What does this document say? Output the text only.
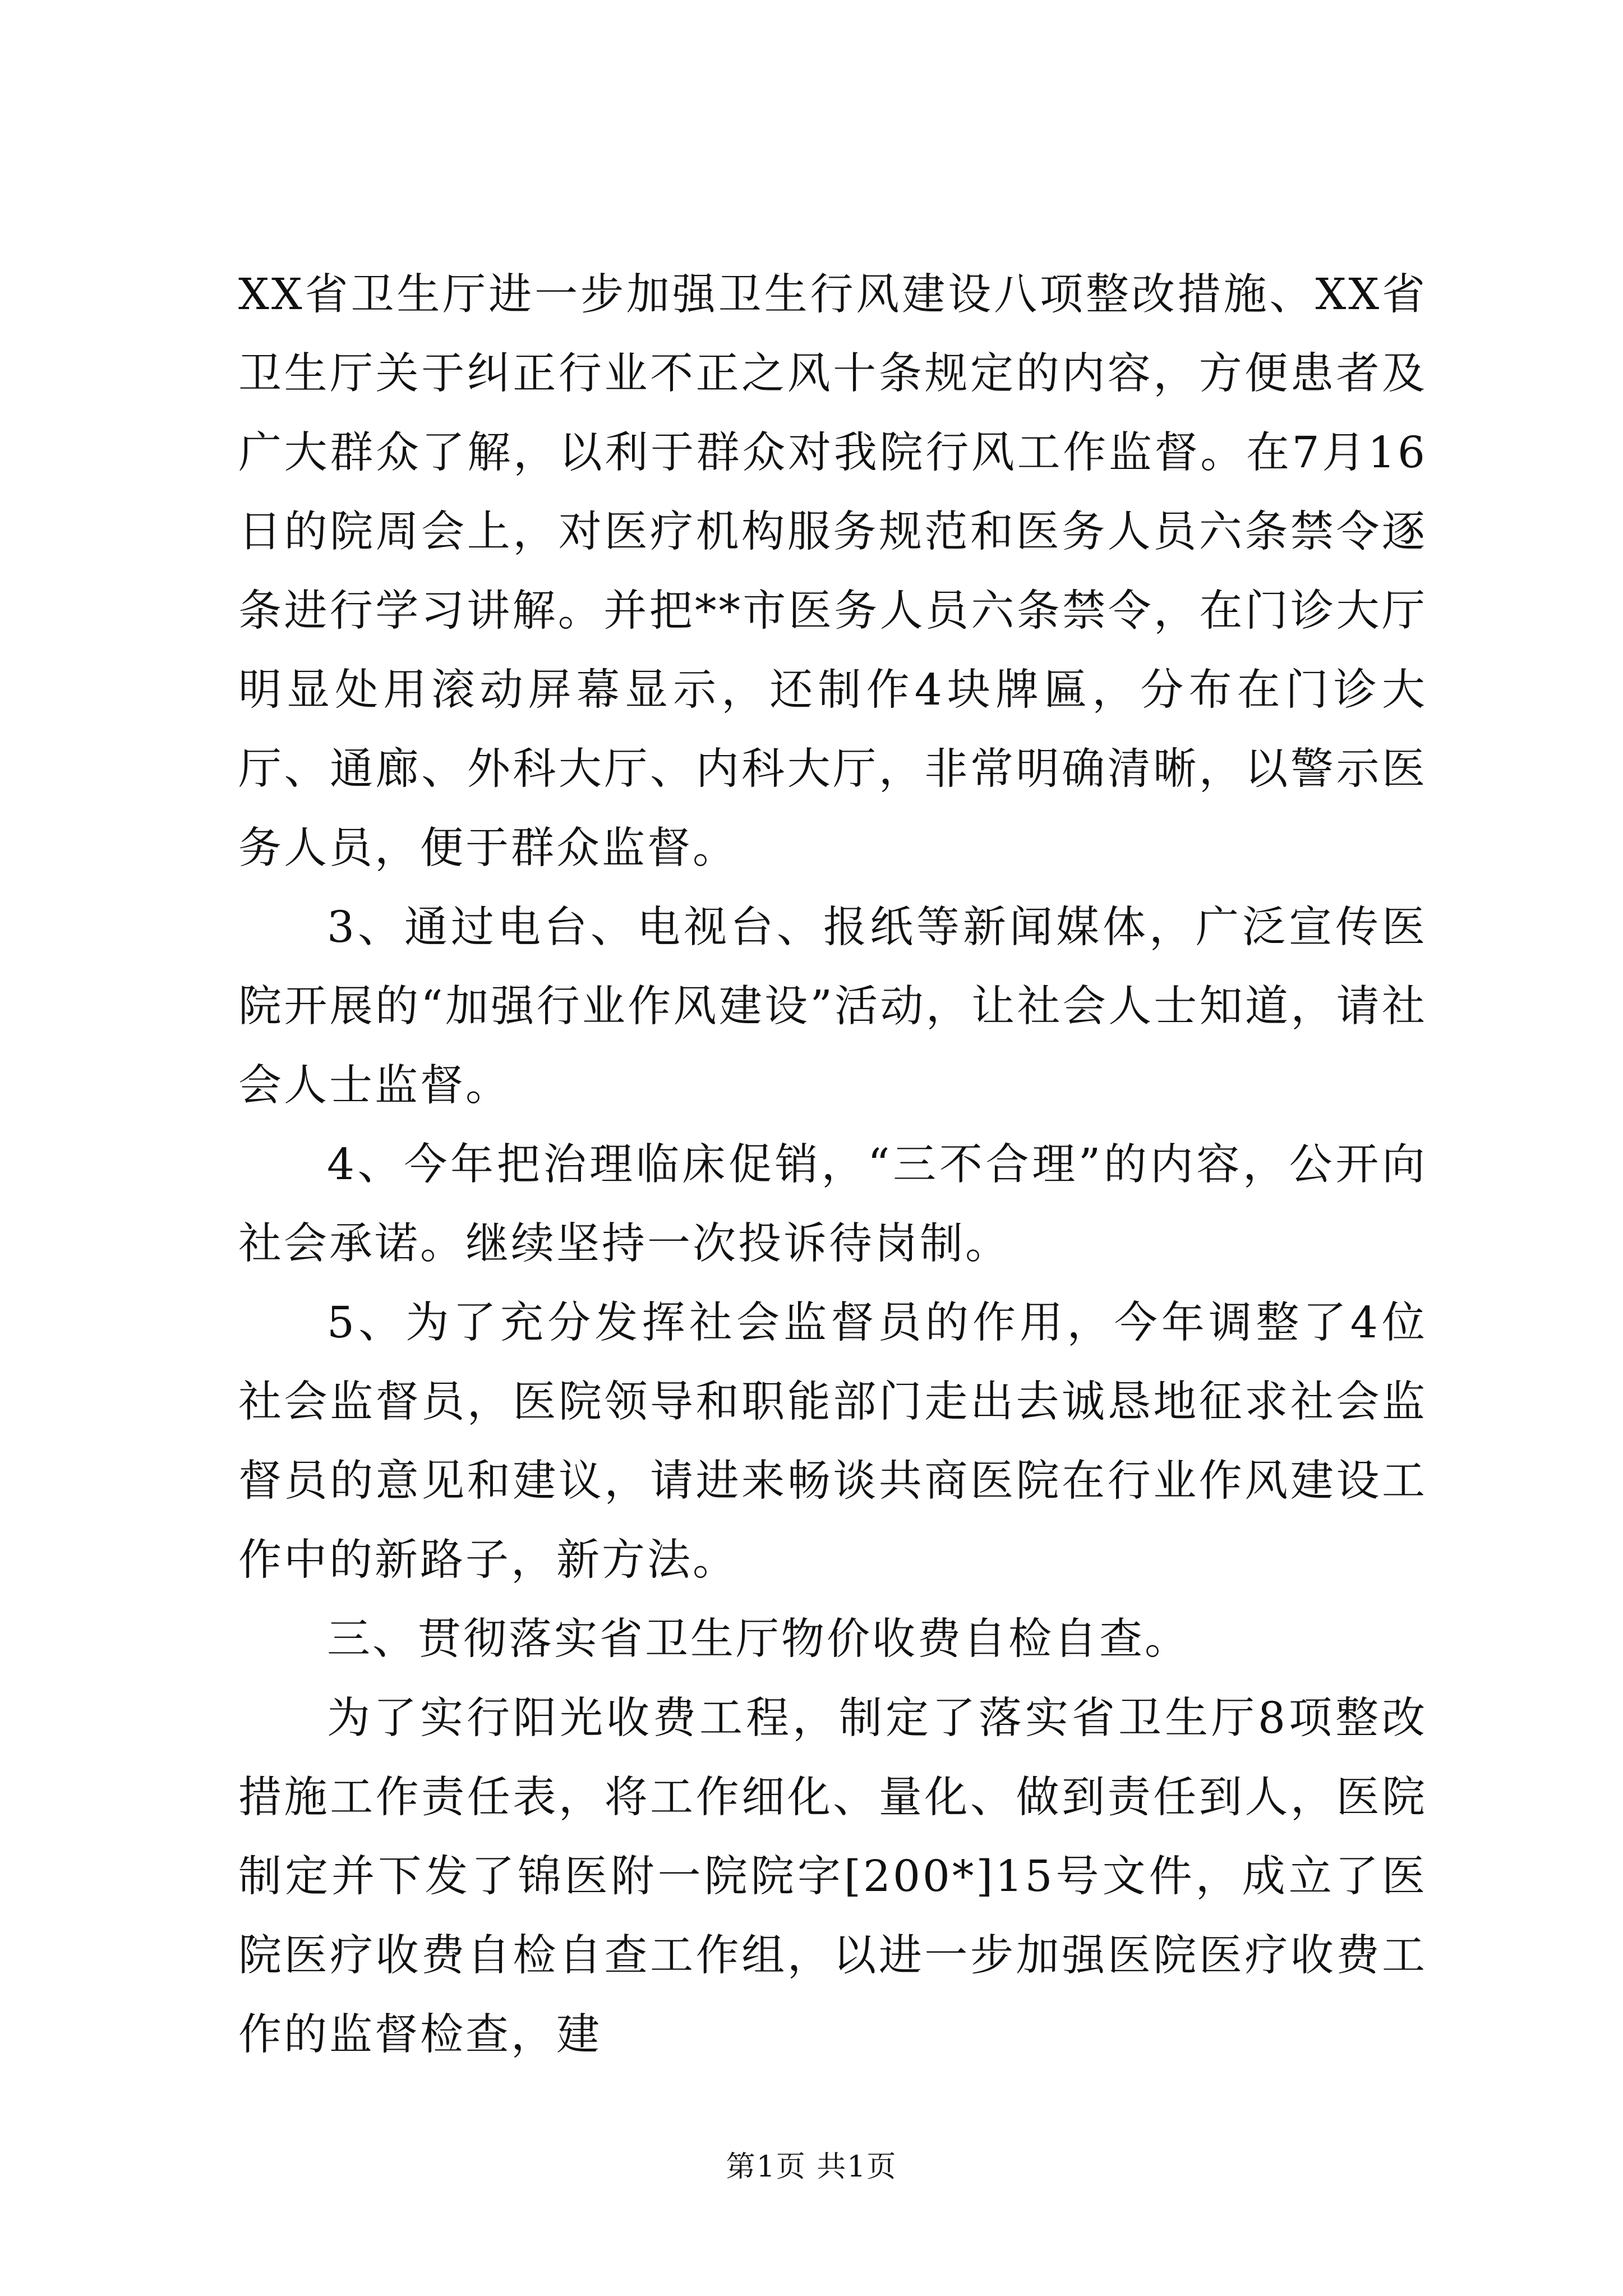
XX省卫生厅进一步加强卫生行风建设八项整改措施、XX省卫生厅关于纠正行业不正之风十条规定的内容，方便患者及广大群众了解，以利于群众对我院行风工作监督。在7月16日的院周会上，对医疗机构服务规范和医务人员六条禁令逐条进行学习讲解。并把**市医务人员六条禁令，在门诊大厅明显处用滚动屏幕显示，还制作4块牌匾，分布在门诊大厅、通廊、外科大厅、内科大厅，非常明确清晰，以警示医务人员，便于群众监督。

3、通过电台、电视台、报纸等新闻媒体，广泛宣传医院开展的“加强行业作风建设”活动，让社会人士知道，请社会人士监督。

4、今年把治理临床促销，“三不合理”的内容，公开向社会承诺。继续坚持一次投诉待岗制。

5、为了充分发挥社会监督员的作用，今年调整了4位社会监督员，医院领导和职能部门走出去诚恳地征求社会监督员的意见和建议，请进来畅谈共商医院在行业作风建设工作中的新路子，新方法。

三、贯彻落实省卫生厅物价收费自检自查。

为了实行阳光收费工程，制定了落实省卫生厅8项整改措施工作责任表，将工作细化、量化、做到责任到人，医院制定并下发了锦医附一院院字[200*]15号文件，成立了医院医疗收费自检自查工作组，以进一步加强医院医疗收费工作的监督检查，建

第1页 共1页
